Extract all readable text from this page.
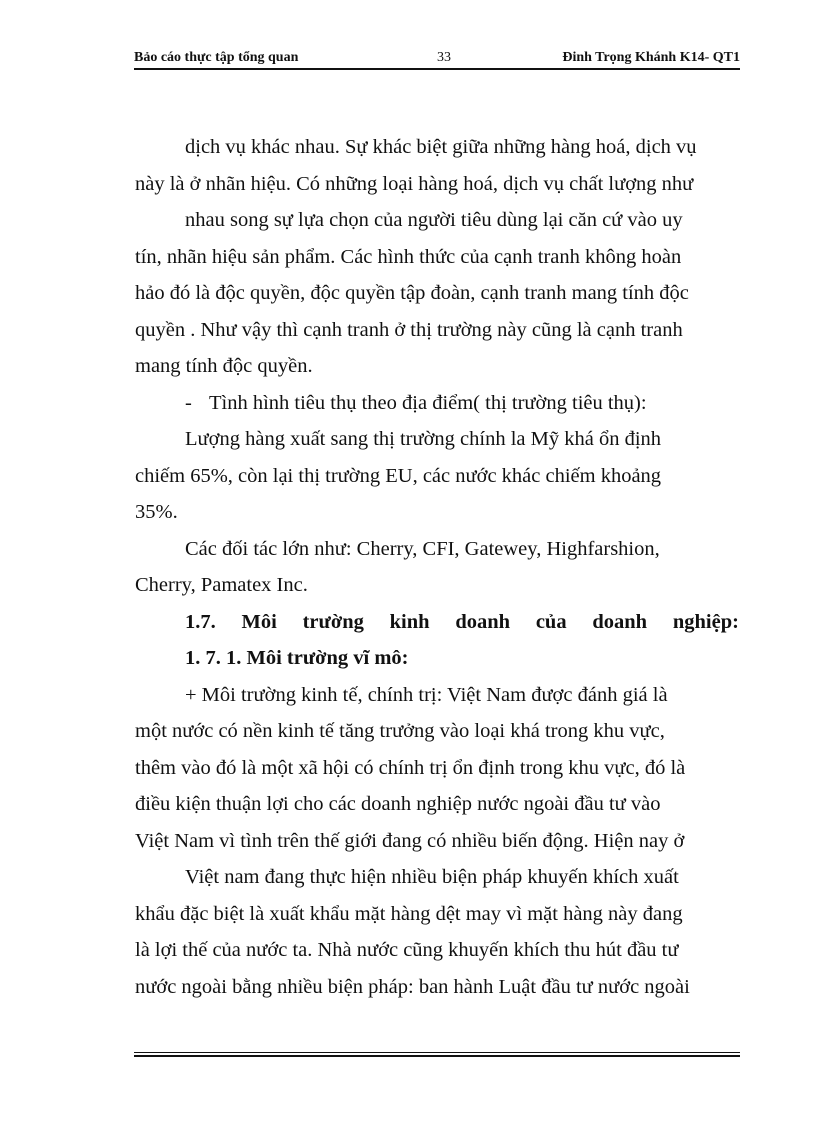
Bảo cáo thực tập tổng quan	33	Đinh Trọng Khánh K14- QT1

dịch vụ khác nhau. Sự khác biệt giữa những hàng hoá, dịch vụ

này là ở nhãn hiệu. Có những loại hàng hoá, dịch vụ chất lượng như

nhau song sự lựa chọn của người tiêu dùng lại căn cứ vào uy

tín, nhãn hiệu sản phẩm. Các hình thức của cạnh tranh không hoàn

hảo đó là độc quyền, độc quyền tập đoàn, cạnh tranh mang tính độc

quyền . Như vậy thì cạnh tranh ở thị trường này cũng là cạnh tranh

mang tính độc quyền.

- Tình hình tiêu thụ theo địa điểm( thị trường tiêu thụ):

Lượng hàng xuất sang thị trường chính la Mỹ khá ổn định

chiếm 65%, còn lại thị trường EU, các nước khác chiếm khoảng

35%.

Các đối tác lớn như: Cherry, CFI, Gatewey, Highfarshion,

Cherry, Pamatex Inc.

1.7. Môi trường kinh doanh của doanh nghiệp:

1. 7. 1. Môi trường vĩ mô:

+ Môi trường kinh tế, chính trị: Việt Nam được đánh giá là

một nước có nền kinh tế tăng trưởng vào loại khá trong khu vực,

thêm vào đó là một xã hội có chính trị ổn định trong khu vực, đó là

điều kiện thuận lợi cho các doanh nghiệp nước ngoài đầu tư vào

Việt Nam vì tình trên thế giới đang có nhiều biến động. Hiện nay ở

Việt nam đang thực hiện nhiều biện pháp khuyến khích xuất

khẩu đặc biệt là xuất khẩu mặt hàng dệt may vì mặt hàng này đang

là lợi thế của nước ta. Nhà nước cũng khuyến khích thu hút đầu tư

nước ngoài bằng nhiều biện pháp: ban hành Luật đầu tư nước ngoài
